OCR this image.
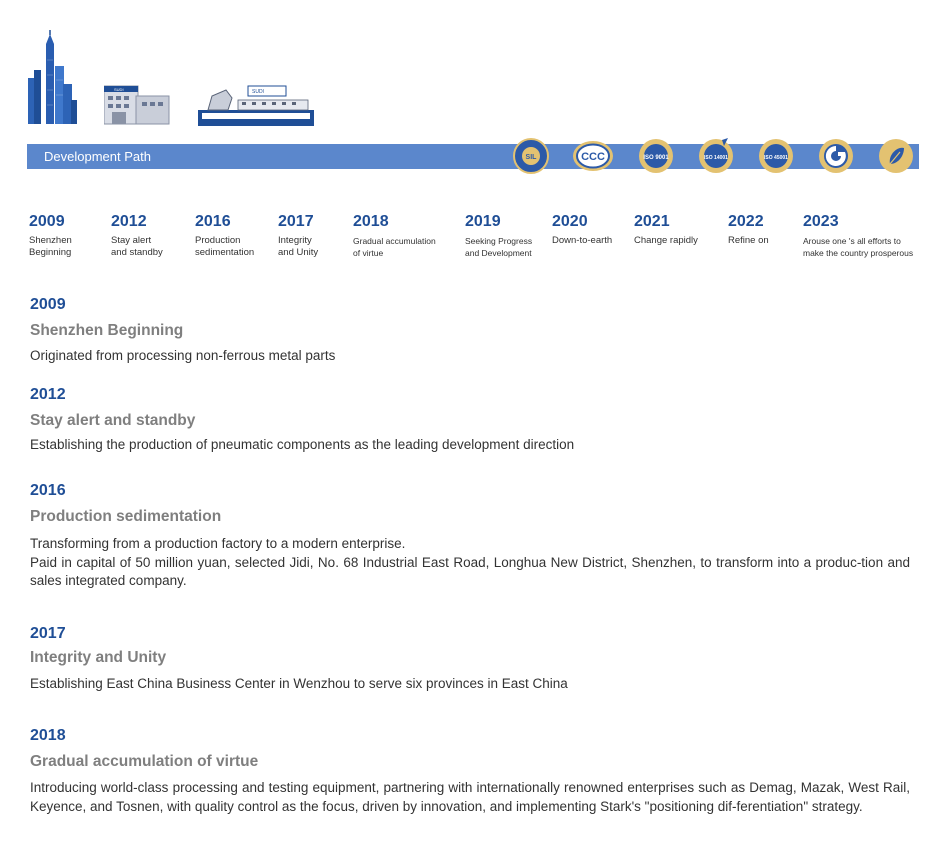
SUDI	SUDI
Development Path	SIL	CCC	ISO 9001	ISO 14001	ISO 45001
2009
Shenzhen
Beginning
2012
Stay alert
and standby
2016
Production
sedimentation
2017
Integrity
and Unity
2018
Gradual accumulation
of virtue
2019
Seeking Progress
and Development
2020
Down-to-earth
2021
Change rapidly
2022
Refine on
2023
Arouse one 's all efforts to
make the country prosperous
2009
Shenzhen Beginning
Originated from processing non-ferrous metal parts
2012
Stay alert and standby
Establishing the production of pneumatic components as the leading development direction
2016
Production sedimentation
Transforming from a production factory to a modern enterprise.
Paid in capital of 50 million yuan, selected Jidi, No. 68 Industrial East Road, Longhua New District, Shenzhen, to transform into a produc-tion and sales integrated company.
2017
Integrity and Unity
Establishing East China Business Center in Wenzhou to serve six provinces in East China
2018
Gradual accumulation of virtue
Introducing world-class processing and testing equipment, partnering with internationally renowned enterprises such as Demag, Mazak, West Rail, Keyence, and Tosnen, with quality control as the focus, driven by innovation, and implementing Stark's "positioning dif-ferentiation" strategy.
